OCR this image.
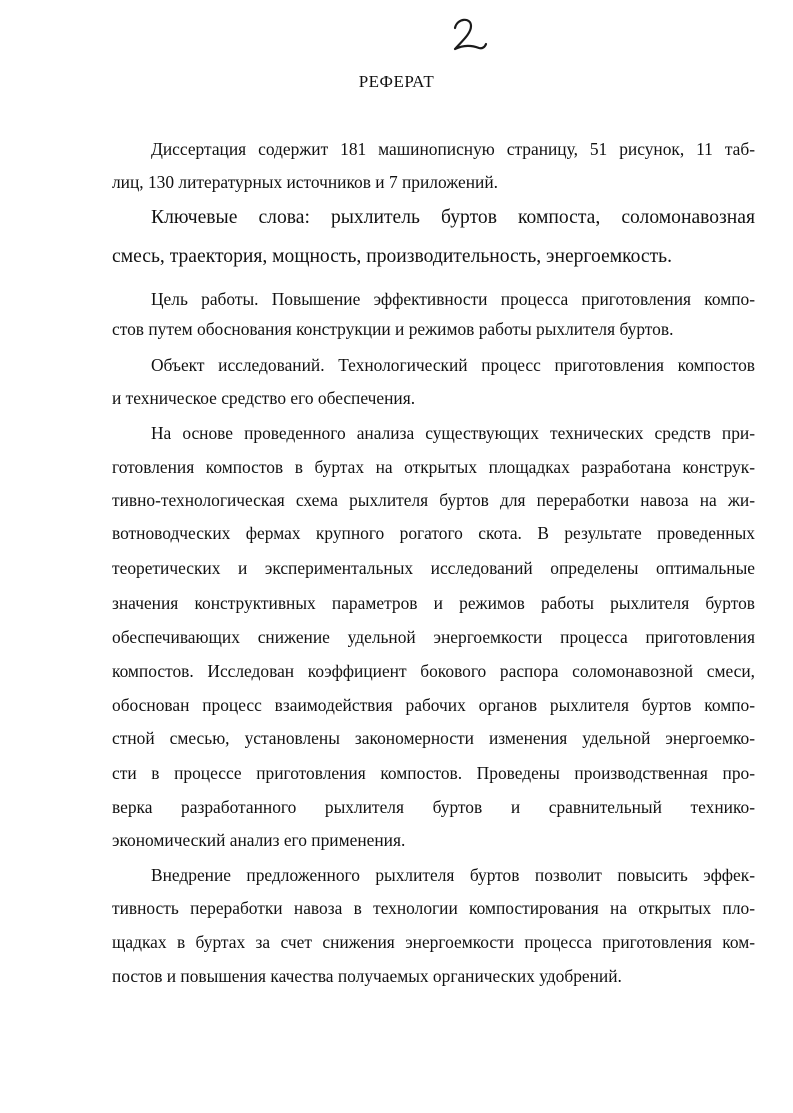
РЕФЕРАТ
Диссертация содержит 181 машинописную страницу, 51 рисунок, 11 таб-
лиц, 130 литературных источников и 7 приложений.
Ключевые слова: рыхлитель буртов компоста, соломонавозная
смесь, траектория, мощность, производительность, энергоемкость.
Цель работы. Повышение эффективности процесса приготовления компо-
стов путем обоснования конструкции и режимов работы рыхлителя буртов.
Объект исследований. Технологический процесс приготовления компостов
и техническое средство его обеспечения.
На основе проведенного анализа существующих технических средств при-
готовления компостов в буртах на открытых площадках разработана конструк-
тивно-технологическая схема рыхлителя буртов для переработки навоза на жи-
вотноводческих фермах крупного рогатого скота. В результате проведенных
теоретических и экспериментальных исследований определены оптимальные
значения конструктивных параметров и режимов работы рыхлителя буртов
обеспечивающих снижение удельной энергоемкости процесса приготовления
компостов. Исследован коэффициент бокового распора соломонавозной смеси,
обоснован процесс взаимодействия рабочих органов рыхлителя буртов компо-
стной смесью, установлены закономерности изменения удельной энергоемко-
сти в процессе приготовления компостов. Проведены производственная про-
верка разработанного рыхлителя буртов и сравнительный технико-
экономический анализ его применения.
Внедрение предложенного рыхлителя буртов позволит повысить эффек-
тивность переработки навоза в технологии компостирования на открытых пло-
щадках в буртах за счет снижения энергоемкости процесса приготовления ком-
постов и повышения качества получаемых органических удобрений.
